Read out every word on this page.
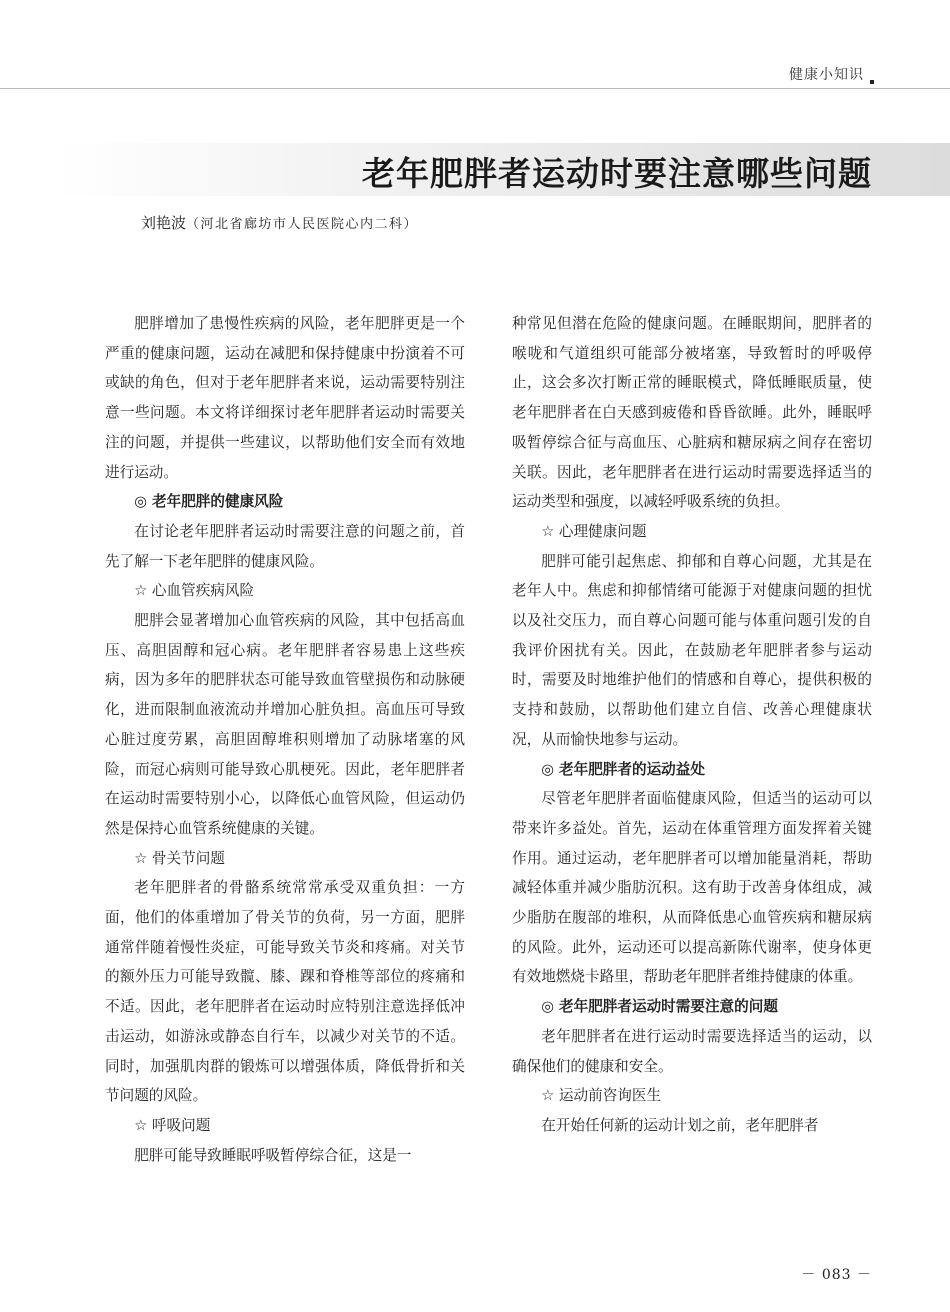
健康小知识
老年肥胖者运动时要注意哪些问题
刘艳波（河北省廊坊市人民医院心内二科）

肥胖增加了患慢性疾病的风险，老年肥胖更是一个严重的健康问题，运动在减肥和保持健康中扮演着不可或缺的角色，但对于老年肥胖者来说，运动需要特别注意一些问题。本文将详细探讨老年肥胖者运动时需要关注的问题，并提供一些建议，以帮助他们安全而有效地进行运动。

◎ 老年肥胖的健康风险

在讨论老年肥胖者运动时需要注意的问题之前，首先了解一下老年肥胖的健康风险。

☆ 心血管疾病风险

肥胖会显著增加心血管疾病的风险，其中包括高血压、高胆固醇和冠心病。老年肥胖者容易患上这些疾病，因为多年的肥胖状态可能导致血管壁损伤和动脉硬化，进而限制血液流动并增加心脏负担。高血压可导致心脏过度劳累，高胆固醇堆积则增加了动脉堵塞的风险，而冠心病则可能导致心肌梗死。因此，老年肥胖者在运动时需要特别小心，以降低心血管风险，但运动仍然是保持心血管系统健康的关键。

☆ 骨关节问题

老年肥胖者的骨骼系统常常承受双重负担：一方面，他们的体重增加了骨关节的负荷，另一方面，肥胖通常伴随着慢性炎症，可能导致关节炎和疼痛。对关节的额外压力可能导致髋、膝、踝和脊椎等部位的疼痛和不适。因此，老年肥胖者在运动时应特别注意选择低冲击运动，如游泳或静态自行车，以减少对关节的不适。同时，加强肌肉群的锻炼可以增强体质，降低骨折和关节问题的风险。

☆ 呼吸问题

肥胖可能导致睡眠呼吸暂停综合征，这是一

种常见但潜在危险的健康问题。在睡眠期间，肥胖者的喉咙和气道组织可能部分被堵塞，导致暂时的呼吸停止，这会多次打断正常的睡眠模式，降低睡眠质量，使老年肥胖者在白天感到疲倦和昏昏欲睡。此外，睡眠呼吸暂停综合征与高血压、心脏病和糖尿病之间存在密切关联。因此，老年肥胖者在进行运动时需要选择适当的运动类型和强度，以减轻呼吸系统的负担。

☆ 心理健康问题

肥胖可能引起焦虑、抑郁和自尊心问题，尤其是在老年人中。焦虑和抑郁情绪可能源于对健康问题的担忧以及社交压力，而自尊心问题可能与体重问题引发的自我评价困扰有关。因此，在鼓励老年肥胖者参与运动时，需要及时地维护他们的情感和自尊心，提供积极的支持和鼓励，以帮助他们建立自信、改善心理健康状况，从而愉快地参与运动。

◎ 老年肥胖者的运动益处

尽管老年肥胖者面临健康风险，但适当的运动可以带来许多益处。首先，运动在体重管理方面发挥着关键作用。通过运动，老年肥胖者可以增加能量消耗，帮助减轻体重并减少脂肪沉积。这有助于改善身体组成，减少脂肪在腹部的堆积，从而降低患心血管疾病和糖尿病的风险。此外，运动还可以提高新陈代谢率，使身体更有效地燃烧卡路里，帮助老年肥胖者维持健康的体重。

◎ 老年肥胖者运动时需要注意的问题

老年肥胖者在进行运动时需要选择适当的运动，以确保他们的健康和安全。

☆ 运动前咨询医生

在开始任何新的运动计划之前，老年肥胖者

－ 083 －
